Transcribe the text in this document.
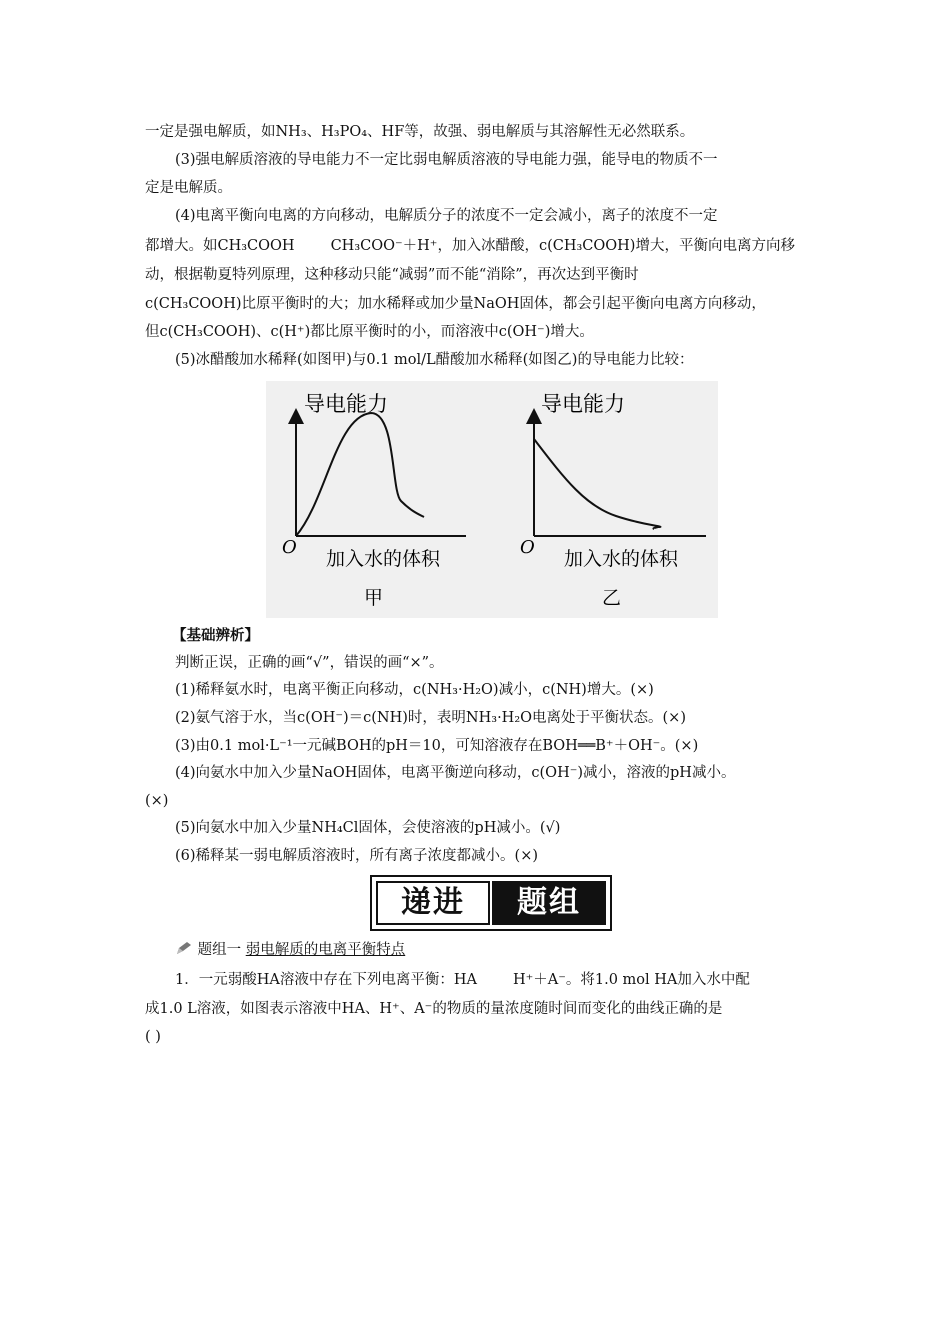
一定是强电解质，如NH₃、H₃PO₄、HF等，故强、弱电解质与其溶解性无必然联系。
(3)强电解质溶液的导电能力不一定比弱电解质溶液的导电能力强，能导电的物质不一
定是电解质。
(4)电离平衡向电离的方向移动，电解质分子的浓度不一定会减小，离子的浓度不一定
都增大。如CH₃COOH CH₃COO⁻＋H⁺，加入冰醋酸，c(CH₃COOH)增大，平衡向电离方向移
动，根据勒夏特列原理，这种移动只能“减弱”而不能“消除”，再次达到平衡时
c(CH₃COOH)比原平衡时的大；加水稀释或加少量NaOH固体，都会引起平衡向电离方向移动，
但c(CH₃COOH)、c(H⁺)都比原平衡时的小，而溶液中c(OH⁻)增大。
(5)冰醋酸加水稀释(如图甲)与0.1 mol/L醋酸加水稀释(如图乙)的导电能力比较：
导电能力
O
加入水的体积
甲
导电能力
O
加入水的体积
乙
【基础辨析】
判断正误，正确的画“√”，错误的画“×”。
(1)稀释氨水时，电离平衡正向移动，c(NH₃·H₂O)减小，c(NH)增大。(×)
(2)氨气溶于水，当c(OH⁻)＝c(NH)时，表明NH₃·H₂O电离处于平衡状态。(×)
(3)由0.1 mol·L⁻¹一元碱BOH的pH＝10，可知溶液存在BOH══B⁺＋OH⁻。(×)
(4)向氨水中加入少量NaOH固体，电离平衡逆向移动，c(OH⁻)减小，溶液的pH减小。
(×)
(5)向氨水中加入少量NH₄Cl固体，会使溶液的pH减小。(√)
(6)稀释某一弱电解质溶液时，所有离子浓度都减小。(×)
递进	题组
题组一 弱电解质的电离平衡特点
1．一元弱酸HA溶液中存在下列电离平衡：HA H⁺＋A⁻。将1.0 mol HA加入水中配
成1.0 L溶液，如图表示溶液中HA、H⁺、A⁻的物质的量浓度随时间而变化的曲线正确的是
( )
